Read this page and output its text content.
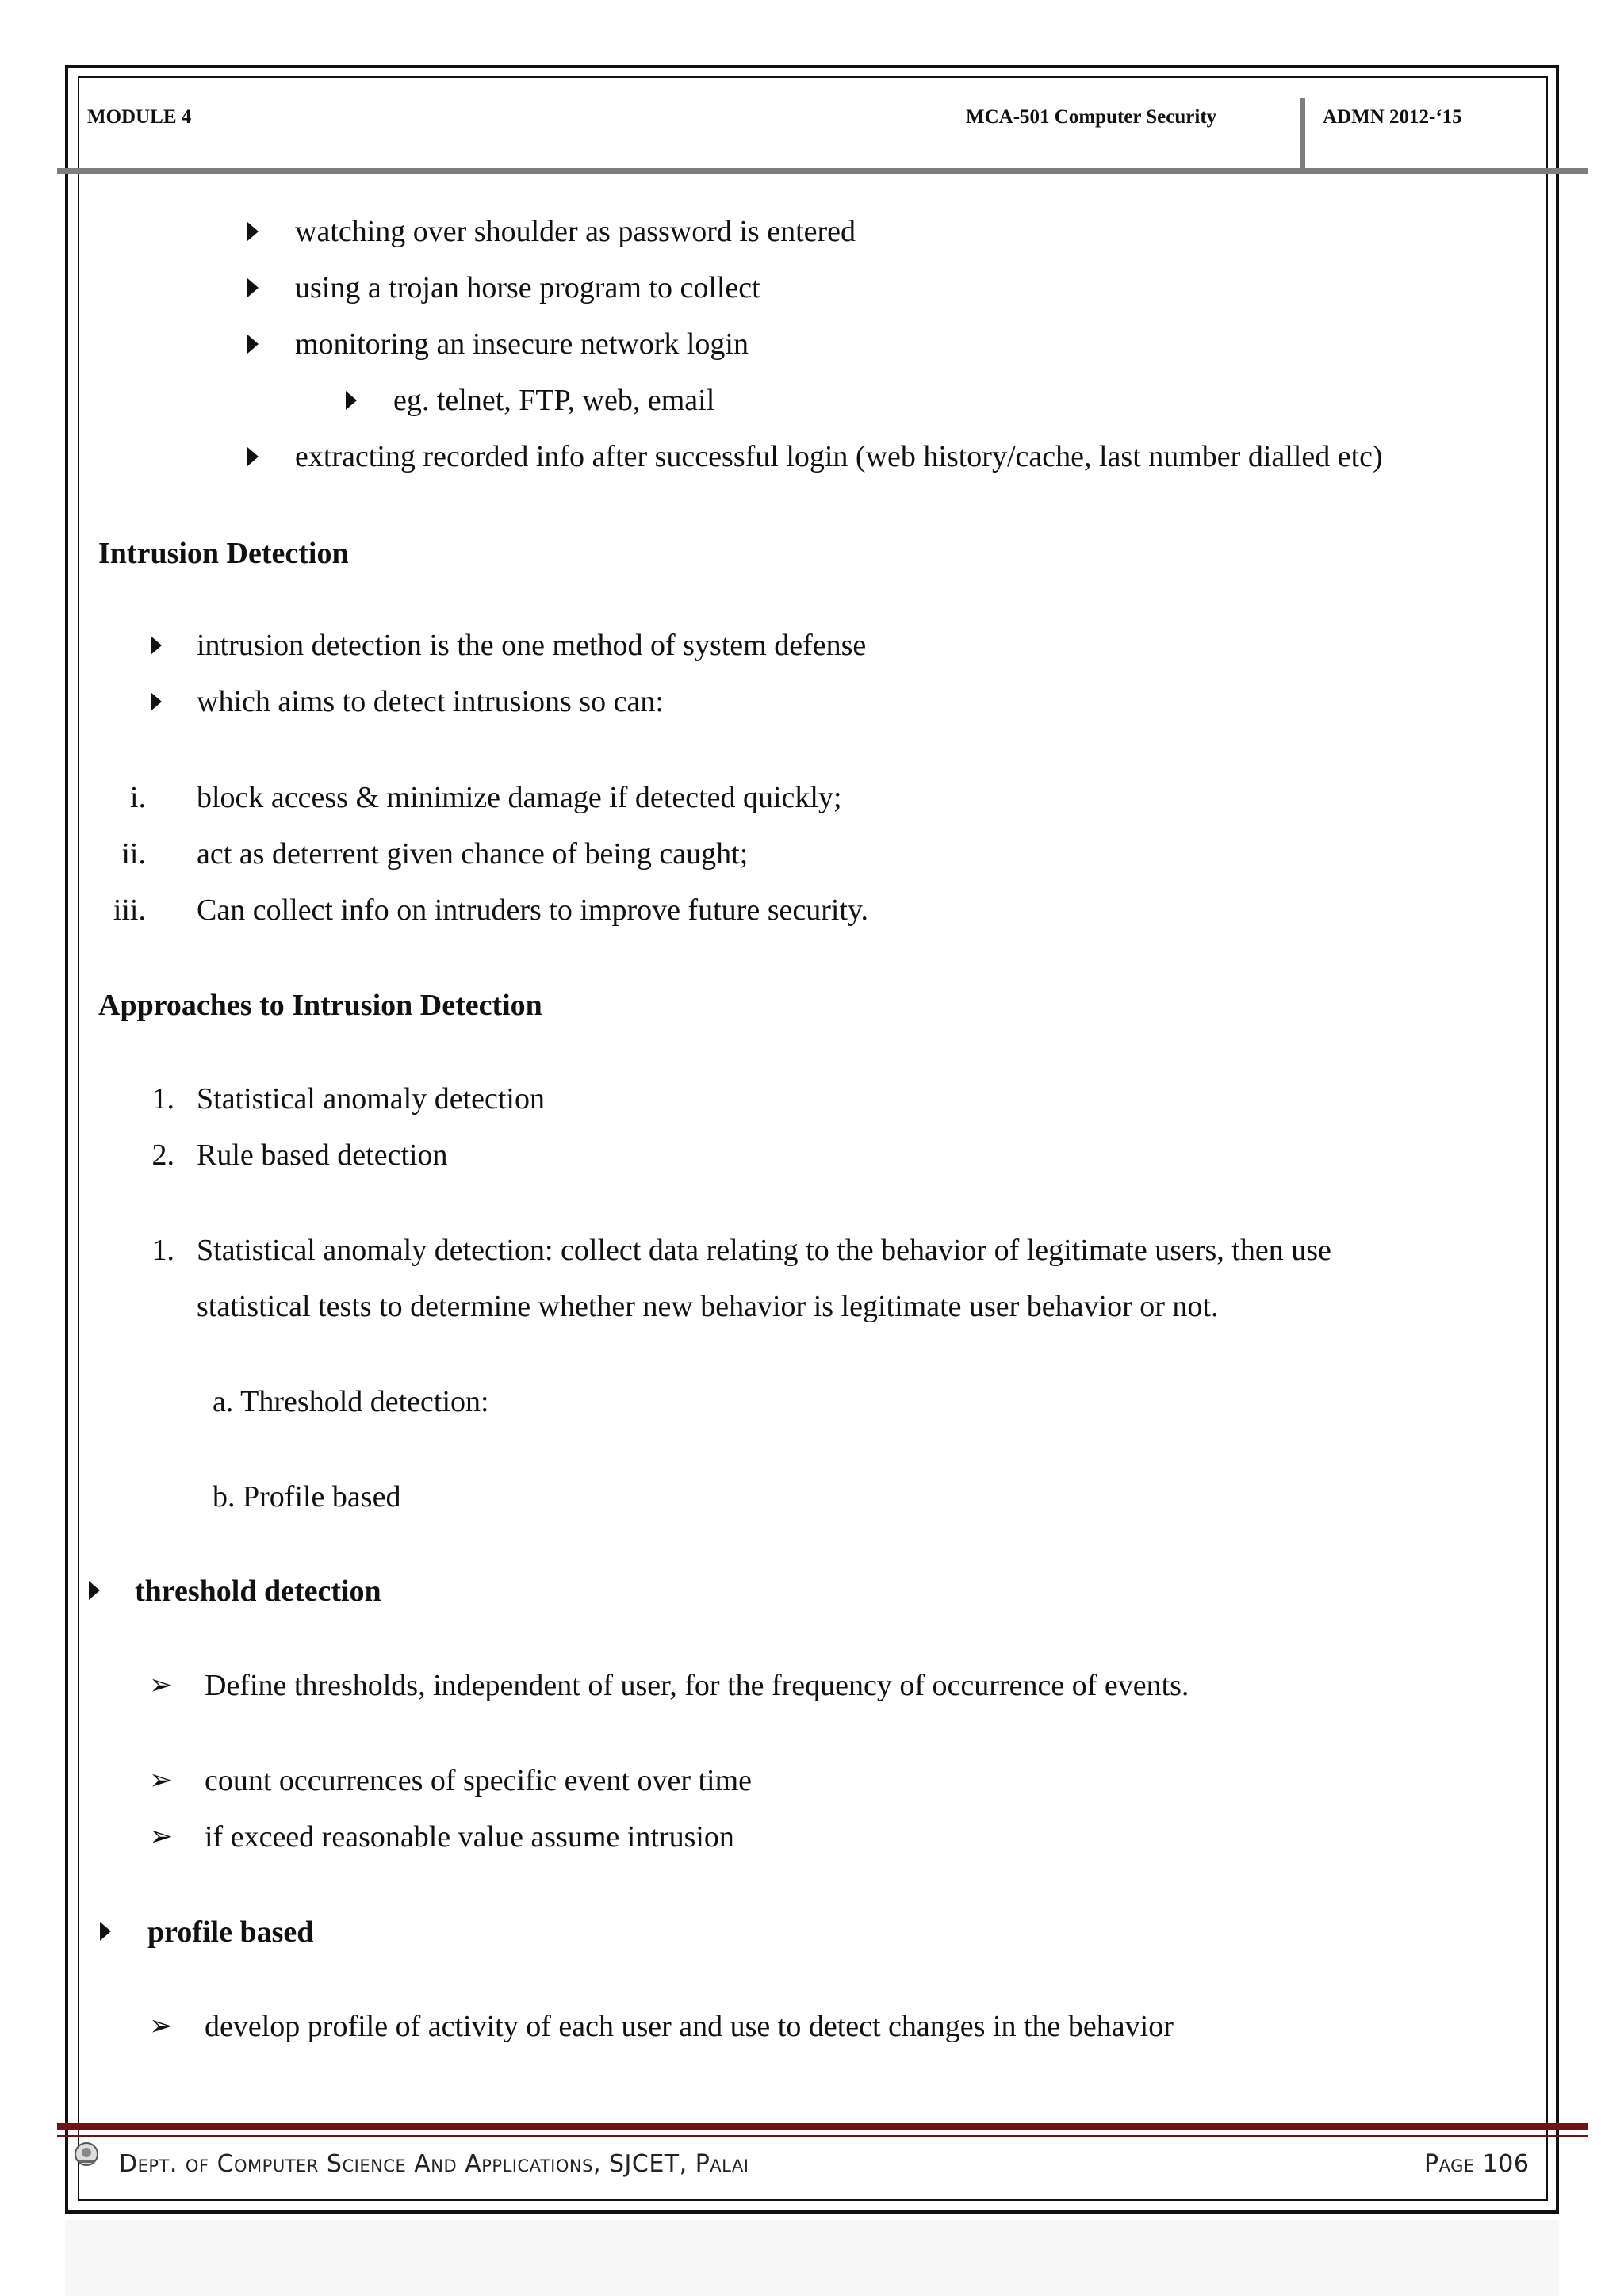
MODULE 4	MCA-501 Computer Security	ADMN 2012-‘15
watching over shoulder as password is entered
using a trojan horse program to collect
monitoring an insecure network login
eg. telnet, FTP, web, email
extracting recorded info after successful login (web history/cache, last number dialled etc)
Intrusion Detection
intrusion detection is the one method of system defense
which aims to detect intrusions so can:
i. block access & minimize damage if detected quickly;
ii. act as deterrent given chance of being caught;
iii. Can collect info on intruders to improve future security.
Approaches to Intrusion Detection
1. Statistical anomaly detection
2. Rule based detection
1. Statistical anomaly detection: collect data relating to the behavior of legitimate users, then use
statistical tests to determine whether new behavior is legitimate user behavior or not.
a. Threshold detection:
b. Profile based
threshold detection
➢ Define thresholds, independent of user, for the frequency of occurrence of events.
➢ count occurrences of specific event over time
➢ if exceed reasonable value assume intrusion
profile based
➢ develop profile of activity of each user and use to detect changes in the behavior
Dept. of Computer Science And Applications, SJCET, Palai	Page 106
